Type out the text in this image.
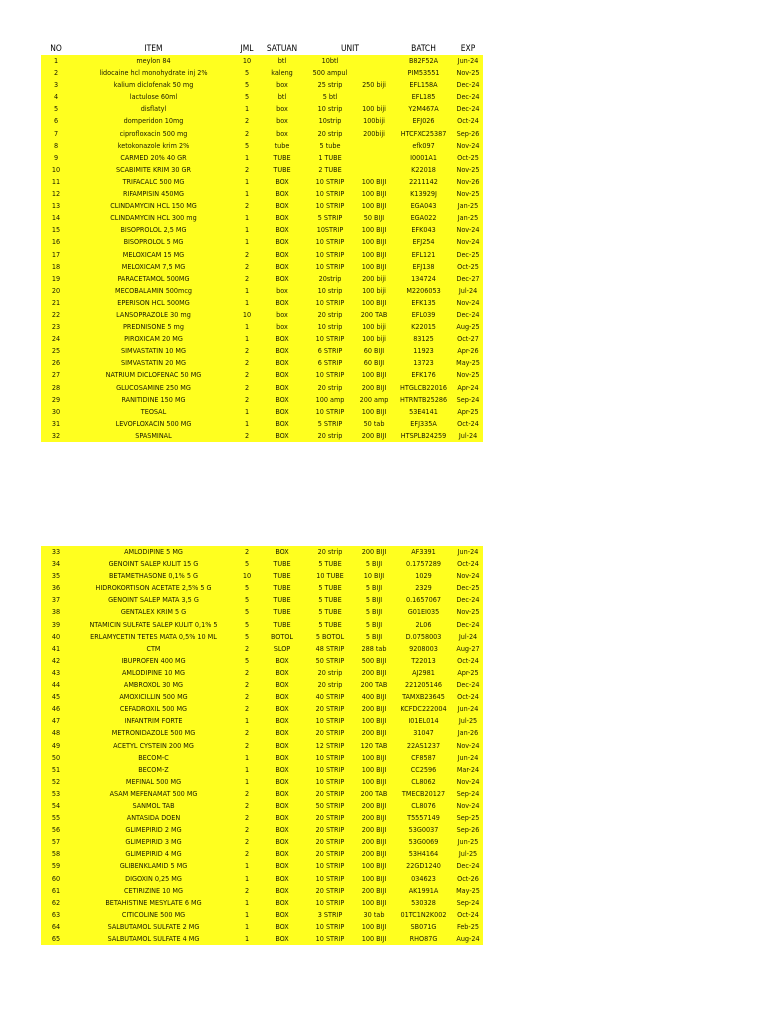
NO	ITEM	JML	SATUAN	UNIT		BATCH	EXP
1	meylon 84	10	btl	10btl		B82F52A	Jun-24
2	lidocaine hcl monohydrate inj 2%	5	kaleng	500 ampul		PIM53551	Nov-25
3	kalium diclofenak 50 mg	5	box	25 strip	250 biji	EFL158A	Dec-24
4	lactulose 60ml	5	btl	5 btl		EFL185	Dec-24
5	disflatyl	1	box	10 strip	100 biji	Y2M467A	Dec-24
6	domperidon 10mg	2	box	10strip	100biji	EFJ026	Oct-24
7	ciprofloxacin 500 mg	2	box	20 strip	200biji	HTCFXC25387	Sep-26
8	ketokonazole krim 2%	5	tube	5 tube		efk097	Nov-24
9	CARMED 20% 40 GR	1	TUBE	1 TUBE		I0001A1	Oct-25
10	SCABIMITE KRIM 30 GR	2	TUBE	2 TUBE		K22018	Nov-25
11	TRIFACALC 500 MG	1	BOX	10 STRIP	100 BIJI	2211142	Nov-26
12	RIFAMPISIN 450MG	1	BOX	10 STRIP	100 BIJI	K13929J	Nov-25
13	CLINDAMYCIN HCL 150 MG	2	BOX	10 STRIP	100 BIJI	EGA043	Jan-25
14	CLINDAMYCIN HCL 300 mg	1	BOX	5 STRIP	50 BIJI	EGA022	Jan-25
15	BISOPROLOL 2,5 MG	1	BOX	10STRIP	100 BIJI	EFK043	Nov-24
16	BISOPROLOL 5 MG	1	BOX	10 STRIP	100 BIJI	EFJ254	Nov-24
17	MELOXICAM 15 MG	2	BOX	10 STRIP	100 BIJI	EFL121	Dec-25
18	MELOXICAM 7,5 MG	2	BOX	10 STRIP	100 BIJI	EFJ138	Oct-25
19	PARACETAMOL 500MG	2	BOX	20strip	200 biji	134724	Dec-27
20	MECOBALAMIN 500mcg	1	box	10 strip	100 biji	M2206053	Jul-24
21	EPERISON HCL 500MG	1	BOX	10 STRIP	100 BIJI	EFK135	Nov-24
22	LANSOPRAZOLE 30 mg	10	box	20 strip	200 TAB	EFL039	Dec-24
23	PREDNISONE 5 mg	1	box	10 strip	100 biji	K22015	Aug-25
24	PIROXICAM 20 MG	1	BOX	10 STRIP	100 biji	83125	Oct-27
25	SIMVASTATIN 10 MG	2	BOX	6 STRIP	60 BIJI	11923	Apr-26
26	SIMVASTATIN 20 MG	2	BOX	6 STRIP	60 BIJI	13723	May-25
27	NATRIUM DICLOFENAC 50 MG	2	BOX	10 STRIP	100 BIJI	EFK176	Nov-25
28	GLUCOSAMINE 250 MG	2	BOX	20 strip	200 BIJI	HTGLCB22016	Apr-24
29	RANITIDINE 150 MG	2	BOX	100 amp	200 amp	HTRNTB25286	Sep-24
30	TEOSAL	1	BOX	10 STRIP	100 BIJI	53E4141	Apr-25
31	LEVOFLOXACIN 500 MG	1	BOX	5 STRIP	50 tab	EFJ335A	Oct-24
32	SPASMINAL	2	BOX	20 strip	200 BIJI	HTSPLB24259	Jul-24
33	AMLODIPINE 5 MG	2	BOX	20 strip	200 BIJI	AF3391	Jun-24
34	GENOINT SALEP KULIT 15 G	5	TUBE	5 TUBE	5 BIJI	0.1757289	Oct-24
35	BETAMETHASONE 0,1% 5 G	10	TUBE	10 TUBE	10 BIJI	1029	Nov-24
36	HIDROKORTISON ACETATE 2,5% 5 G	5	TUBE	5 TUBE	5 BIJI	2329	Dec-25
37	GENOINT SALEP MATA 3,5 G	5	TUBE	5 TUBE	5 BIJI	0.1657067	Dec-24
38	GENTALEX KRIM 5 G	5	TUBE	5 TUBE	5 BIJI	G01EI035	Nov-25
39	NTAMICIN SULFATE SALEP KULIT 0,1% 5	5	TUBE	5 TUBE	5 BIJI	2L06	Dec-24
40	ERLAMYCETIN TETES MATA 0,5% 10 ML	5	BOTOL	5 BOTOL	5 BIJI	D.0758003	Jul-24
41	CTM	2	SLOP	48 STRIP	288 tab	9208003	Aug-27
42	IBUPROFEN 400 MG	5	BOX	50 STRIP	500 BIJI	T22013	Oct-24
43	AMLODIPINE 10 MG	2	BOX	20 strip	200 BIJI	AJ2981	Apr-25
44	AMBROXOL 30 MG	2	BOX	20 strip	200 TAB	221205146	Dec-24
45	AMOXICILLIN 500 MG	2	BOX	40 STRIP	400 BIJI	TAMXB23645	Oct-24
46	CEFADROXIL 500 MG	2	BOX	20 STRIP	200 BIJI	KCFDC222004	Jun-24
47	INFANTRIM FORTE	1	BOX	10 STRIP	100 BIJI	I01EL014	Jul-25
48	METRONIDAZOLE 500 MG	2	BOX	20 STRIP	200 BIJI	31047	Jan-26
49	ACETYL CYSTEIN 200 MG	2	BOX	12 STRIP	120 TAB	22AS1237	Nov-24
50	BECOM-C	1	BOX	10 STRIP	100 BIJI	CF8587	Jun-24
51	BECOM-Z	1	BOX	10 STRIP	100 BIJI	CC2596	Mar-24
52	MEFINAL 500 MG	1	BOX	10 STRIP	100 BIJI	CL8062	Nov-24
53	ASAM MEFENAMAT 500 MG	2	BOX	20 STRIP	200 TAB	TMECB20127	Sep-24
54	SANMOL TAB	2	BOX	50 STRIP	200 BIJI	CL8076	Nov-24
55	ANTASIDA DOEN	2	BOX	20 STRIP	200 BIJI	T5557149	Sep-25
56	GLIMEPIRID 2 MG	2	BOX	20 STRIP	200 BIJI	53G0037	Sep-26
57	GLIMEPIRID 3 MG	2	BOX	20 STRIP	200 BIJI	53G0069	Jun-25
58	GLIMEPIRID 4 MG	2	BOX	20 STRIP	200 BIJI	53H4164	Jul-25
59	GLIBENKLAMID 5 MG	1	BOX	10 STRIP	100 BIJI	22GD1240	Dec-24
60	DIGOXIN 0,25 MG	1	BOX	10 STRIP	100 BIJI	034623	Oct-26
61	CETIRIZINE 10 MG	2	BOX	20 STRIP	200 BIJI	AK1991A	May-25
62	BETAHISTINE MESYLATE 6 MG	1	BOX	10 STRIP	100 BIJI	530328	Sep-24
63	CITICOLINE 500 MG	1	BOX	3 STRIP	30 tab	01TC1N2K002	Oct-24
64	SALBUTAMOL SULFATE 2 MG	1	BOX	10 STRIP	100 BIJI	SB071G	Feb-25
65	SALBUTAMOL SULFATE 4 MG	1	BOX	10 STRIP	100 BIJI	RHO87G	Aug-24
